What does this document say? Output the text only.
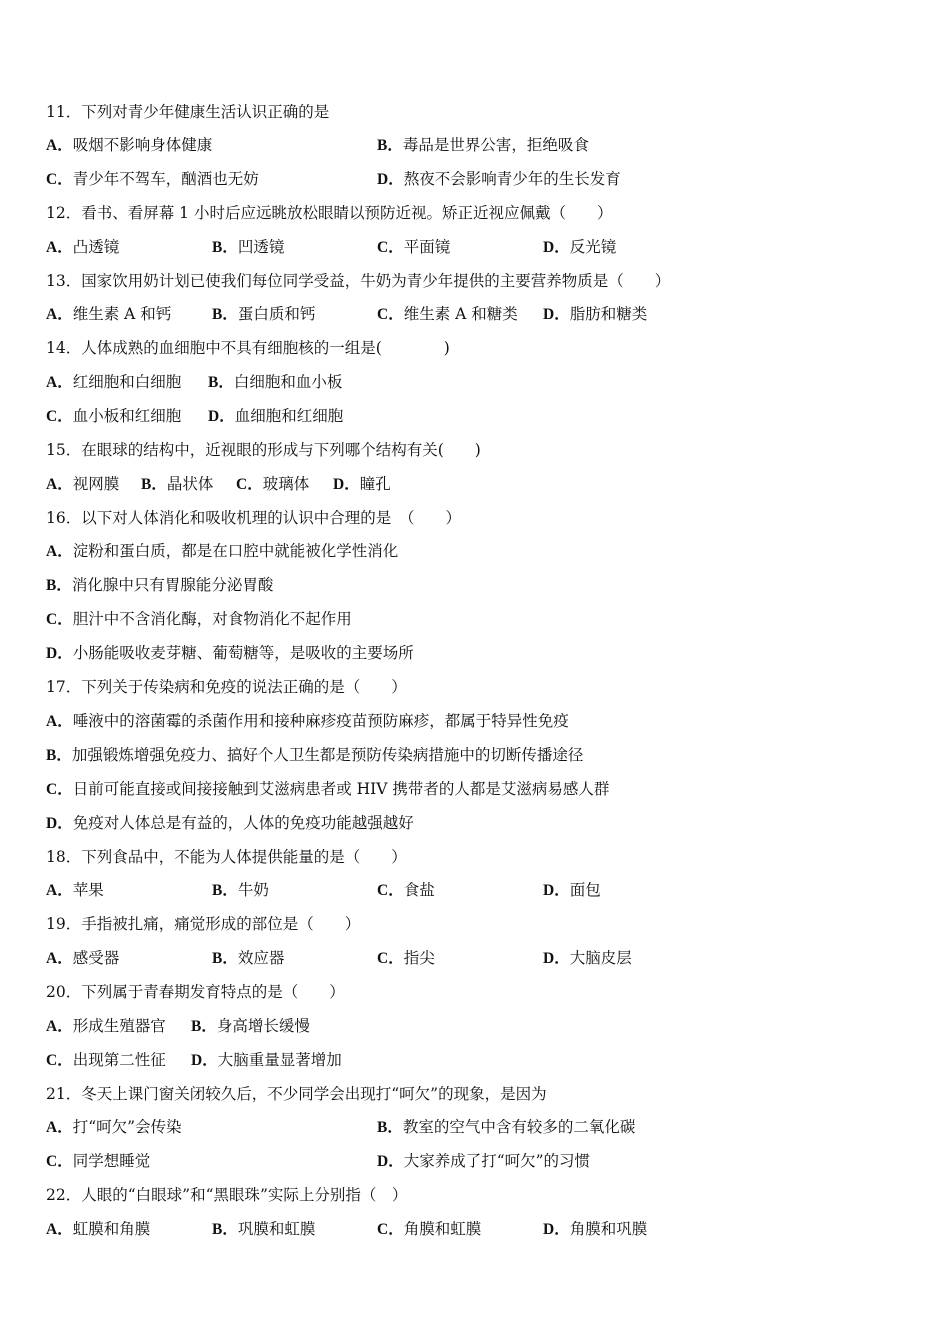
11．下列对青少年健康生活认识正确的是
A．吸烟不影响身体健康	B．毒品是世界公害，拒绝吸食
C．青少年不驾车，酗酒也无妨	D．熬夜不会影响青少年的生长发育
12．看书、看屏幕 1 小时后应远眺放松眼睛以预防近视。矫正近视应佩戴（　　）
A．凸透镜	B．凹透镜	C．平面镜	D．反光镜
13．国家饮用奶计划已使我们每位同学受益，牛奶为青少年提供的主要营养物质是（　　）
A．维生素 A 和钙	B．蛋白质和钙	C．维生素 A 和糖类 D．脂肪和糖类
14．人体成熟的血细胞中不具有细胞核的一组是(　　　　)
A．红细胞和白细胞 B．白细胞和血小板
C．血小板和红细胞 D．血细胞和红细胞
15．在眼球的结构中，近视眼的形成与下列哪个结构有关(　　)
A．视网膜 B．晶状体 C．玻璃体 D．瞳孔
16．以下对人体消化和吸收机理的认识中合理的是　（　　）
A．淀粉和蛋白质，都是在口腔中就能被化学性消化
B．消化腺中只有胃腺能分泌胃酸
C．胆汁中不含消化酶，对食物消化不起作用
D．小肠能吸收麦芽糖、葡萄糖等，是吸收的主要场所
17．下列关于传染病和免疫的说法正确的是（　　）
A．唾液中的溶菌霉的杀菌作用和接种麻疹疫苗预防麻疹，都属于特异性免疫
B．加强锻炼增强免疫力、搞好个人卫生都是预防传染病措施中的切断传播途径
C．日前可能直接或间接接触到艾滋病患者或 HIV 携带者的人都是艾滋病易感人群
D．免疫对人体总是有益的，人体的免疫功能越强越好
18．下列食品中，不能为人体提供能量的是（　　）
A．苹果	B．牛奶	C．食盐	D．面包
19．手指被扎痛，痛觉形成的部位是（　　）
A．感受器	B．效应器	C．指尖	D．大脑皮层
20．下列属于青春期发育特点的是（　　）
A．形成生殖器官 B．身高增长缓慢
C．出现第二性征 D．大脑重量显著增加
21．冬天上课门窗关闭较久后，不少同学会出现打“呵欠”的现象，是因为
A．打“呵欠”会传染	B．教室的空气中含有较多的二氧化碳
C．同学想睡觉	D．大家养成了打“呵欠”的习惯
22．人眼的“白眼球”和“黑眼珠”实际上分别指（　）
A．虹膜和角膜	B．巩膜和虹膜	C．角膜和虹膜	D．角膜和巩膜
